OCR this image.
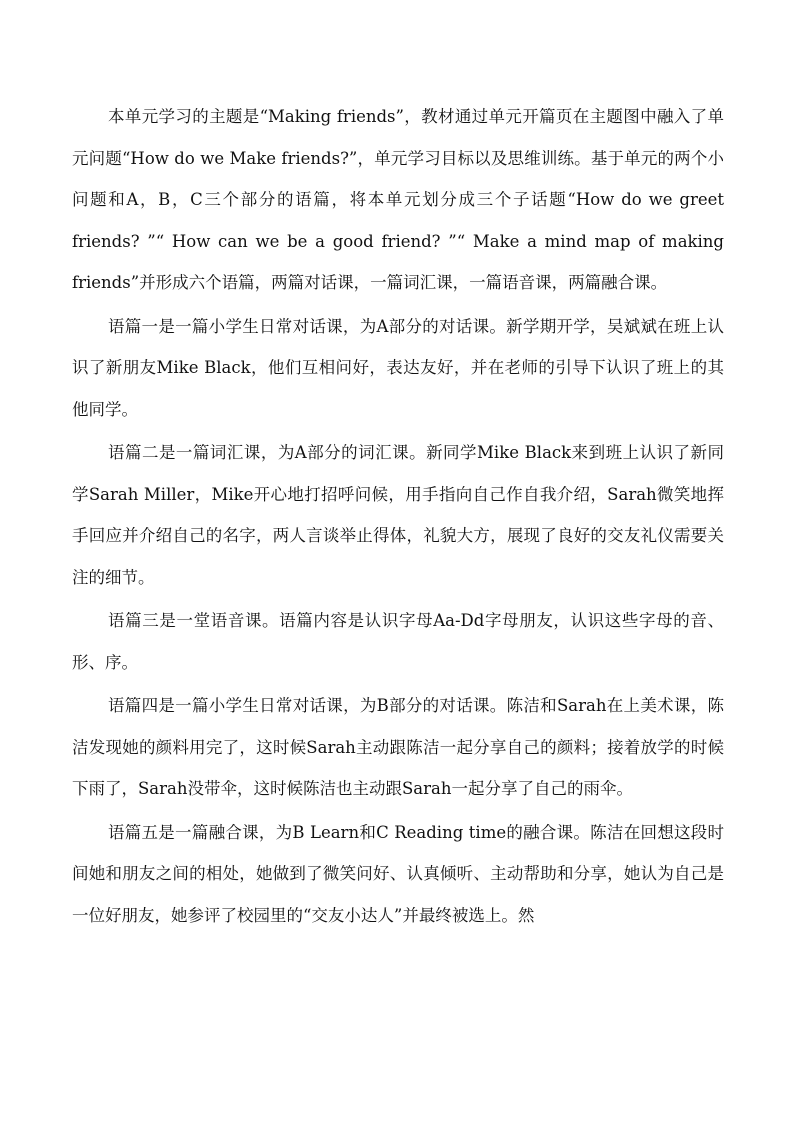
本单元学习的主题是“Making friends”，教材通过单元开篇页在主题图中融入了单元问题“How do we Make friends?”，单元学习目标以及思维训练。基于单元的两个小问题和A，B，C三个部分的语篇，将本单元划分成三个子话题“How do we greet friends? ”“ How can we be a good friend? ”“ Make a mind map of making friends”并形成六个语篇，两篇对话课，一篇词汇课，一篇语音课，两篇融合课。

语篇一是一篇小学生日常对话课，为A部分的对话课。新学期开学，吴斌斌在班上认识了新朋友Mike Black，他们互相问好，表达友好，并在老师的引导下认识了班上的其他同学。

语篇二是一篇词汇课，为A部分的词汇课。新同学Mike Black来到班上认识了新同学Sarah Miller，Mike开心地打招呼问候，用手指向自己作自我介绍，Sarah微笑地挥手回应并介绍自己的名字，两人言谈举止得体，礼貌大方，展现了良好的交友礼仪需要关注的细节。

语篇三是一堂语音课。语篇内容是认识字母Aa-Dd字母朋友，认识这些字母的音、形、序。

语篇四是一篇小学生日常对话课，为B部分的对话课。陈洁和Sarah在上美术课，陈洁发现她的颜料用完了，这时候Sarah主动跟陈洁一起分享自己的颜料；接着放学的时候下雨了，Sarah没带伞，这时候陈洁也主动跟Sarah一起分享了自己的雨伞。

语篇五是一篇融合课，为B Learn和C Reading time的融合课。陈洁在回想这段时间她和朋友之间的相处，她做到了微笑问好、认真倾听、主动帮助和分享，她认为自己是一位好朋友，她参评了校园里的“交友小达人”并最终被选上。然
